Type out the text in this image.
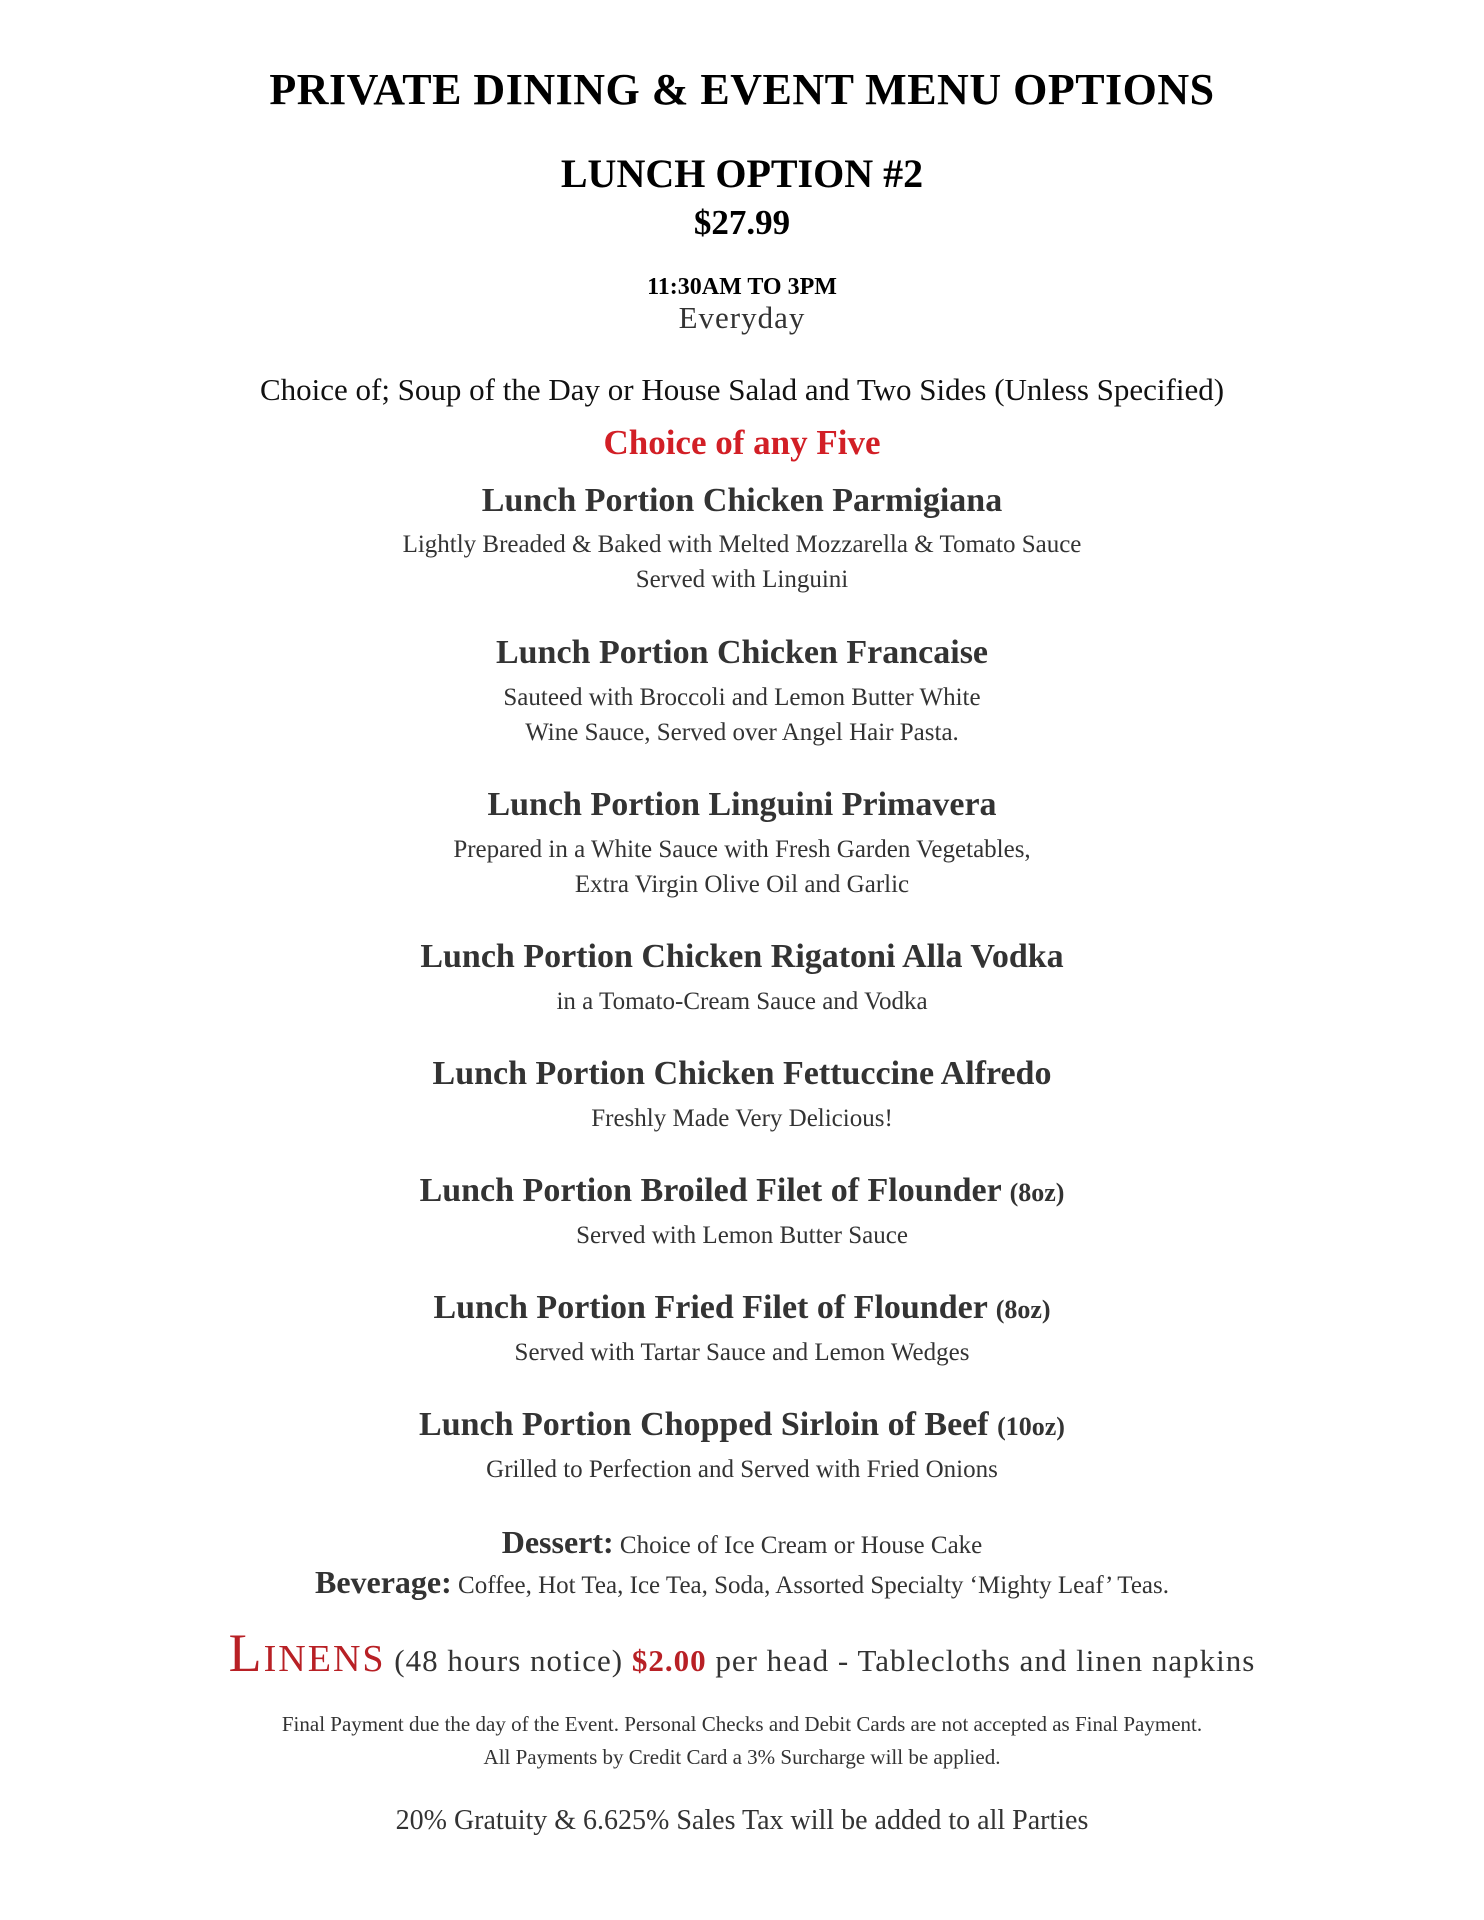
PRIVATE DINING & EVENT MENU OPTIONS
LUNCH OPTION #2
$27.99
11:30AM TO 3PM
Everyday
Choice of; Soup of the Day or House Salad and Two Sides (Unless Specified)
Choice of any Five
Lunch Portion Chicken Parmigiana
Lightly Breaded & Baked with Melted Mozzarella & Tomato Sauce
Served with Linguini
Lunch Portion Chicken Francaise
Sauteed with Broccoli and Lemon Butter White
Wine Sauce, Served over Angel Hair Pasta.
Lunch Portion Linguini Primavera
Prepared in a White Sauce with Fresh Garden Vegetables,
Extra Virgin Olive Oil and Garlic
Lunch Portion Chicken Rigatoni Alla Vodka
in a Tomato-Cream Sauce and Vodka
Lunch Portion Chicken Fettuccine Alfredo
Freshly Made Very Delicious!
Lunch Portion Broiled Filet of Flounder (8oz)
Served with Lemon Butter Sauce
Lunch Portion Fried Filet of Flounder (8oz)
Served with Tartar Sauce and Lemon Wedges
Lunch Portion Chopped Sirloin of Beef (10oz)
Grilled to Perfection and Served with Fried Onions
Dessert: Choice of Ice Cream or House Cake
Beverage: Coffee, Hot Tea, Ice Tea, Soda, Assorted Specialty ‘Mighty Leaf’ Teas.
LINENS (48 hours notice) $2.00 per head - Tablecloths and linen napkins
Final Payment due the day of the Event. Personal Checks and Debit Cards are not accepted as Final Payment.
All Payments by Credit Card a 3% Surcharge will be applied.
20% Gratuity & 6.625% Sales Tax will be added to all Parties
